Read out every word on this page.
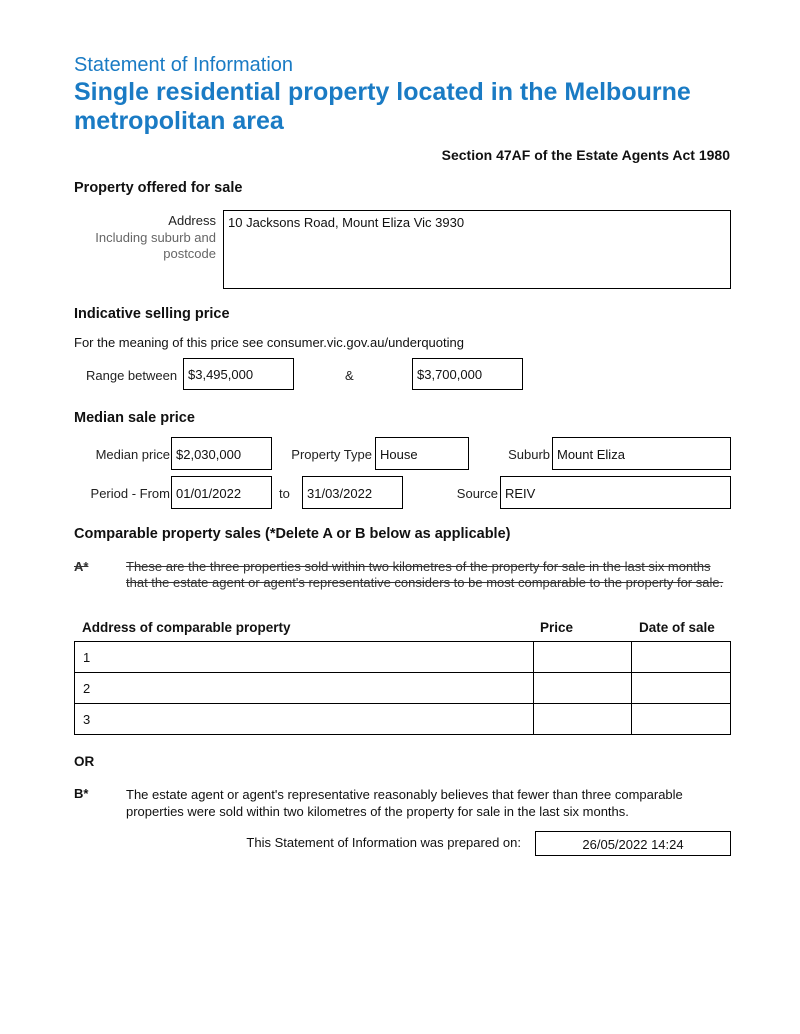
Statement of Information
Single residential property located in the Melbourne metropolitan area
Section 47AF of the Estate Agents Act 1980
Property offered for sale
Address
Including suburb and postcode
10 Jacksons Road, Mount Eliza Vic 3930
Indicative selling price
For the meaning of this price see consumer.vic.gov.au/underquoting
Range between $3,495,000	&	$3,700,000
Median sale price
Median price $2,030,000	Property Type House	Suburb Mount Eliza
Period - From 01/01/2022	to	31/03/2022	Source REIV
Comparable property sales (*Delete A or B below as applicable)
A*	These are the three properties sold within two kilometres of the property for sale in the last six months that the estate agent or agent's representative considers to be most comparable to the property for sale.
Address of comparable property	Price	Date of sale
1		
2		
3		
OR
B*	The estate agent or agent's representative reasonably believes that fewer than three comparable properties were sold within two kilometres of the property for sale in the last six months.
This Statement of Information was prepared on:	26/05/2022 14:24
